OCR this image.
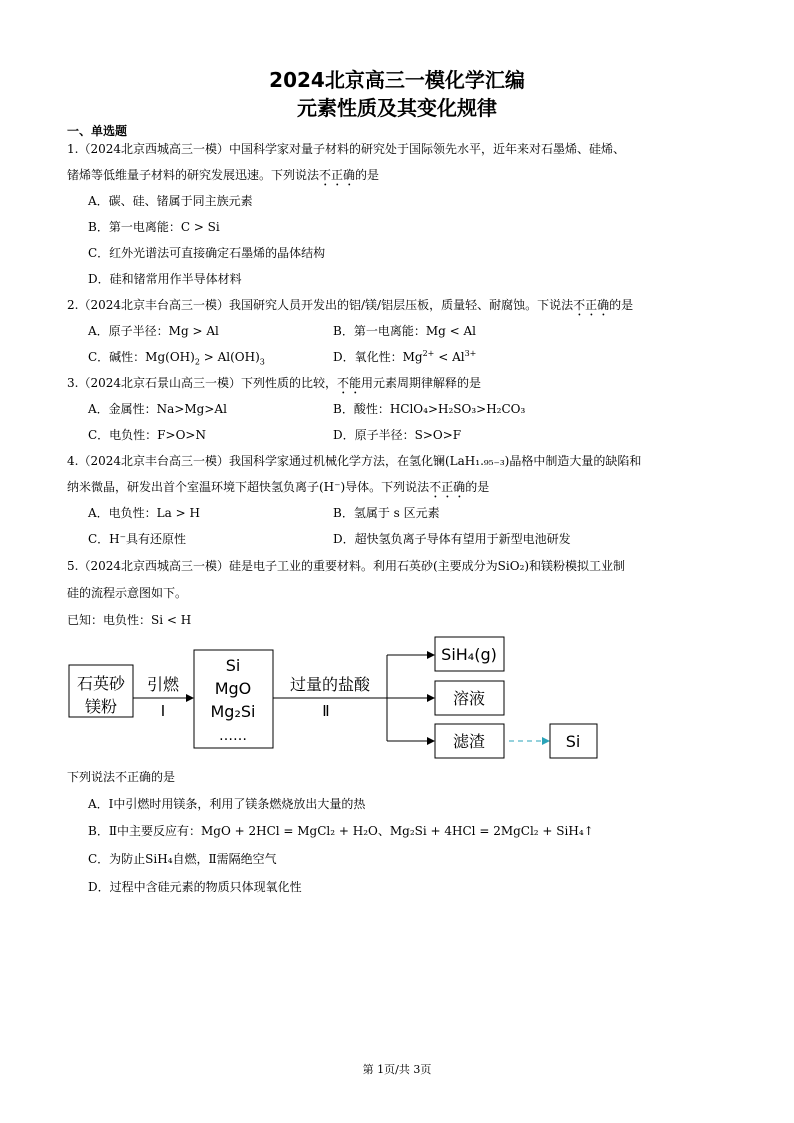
2024北京高三一模化学汇编
元素性质及其变化规律
一、单选题
1.（2024北京西城高三一模）中国科学家对量子材料的研究处于国际领先水平，近年来对石墨烯、硅烯、
锗烯等低维量子材料的研究发展迅速。下列说法不正确的是
A．碳、硅、锗属于同主族元素
B．第一电离能：C > Si
C．红外光谱法可直接确定石墨烯的晶体结构
D．硅和锗常用作半导体材料
2.（2024北京丰台高三一模）我国研究人员开发出的铝/镁/铝层压板，质量轻、耐腐蚀。下说法不正确的是
A．原子半径：Mg > Al	B．第一电离能：Mg < Al
C．碱性：$Mg(OH)_2 > Al(OH)_3$	D．氧化性：$Mg^{2+} < Al^{3+}$
3.（2024北京石景山高三一模）下列性质的比较，不能用元素周期律解释的是
A．金属性：Na>Mg>Al	B．酸性：HClO₄>H₂SO₃>H₂CO₃
C．电负性：F>O>N	D．原子半径：S>O>F
4.（2024北京丰台高三一模）我国科学家通过机械化学方法，在氢化镧(LaH₁.₉₅₋₃)晶格中制造大量的缺陷和
纳米微晶，研发出首个室温环境下超快氢负离子(H⁻)导体。下列说法不正确的是
A．电负性：La > H	B．氢属于 s 区元素
C．H⁻具有还原性	D．超快氢负离子导体有望用于新型电池研发
5.（2024北京西城高三一模）硅是电子工业的重要材料。利用石英砂(主要成分为SiO₂)和镁粉模拟工业制
硅的流程示意图如下。
已知：电负性：Si < H
石英砂
镁粉
引燃
Ⅰ
Si
MgO
Mg₂Si
……
过量的盐酸
Ⅱ
SiH₄(g)
溶液
滤渣	Si
下列说法不正确的是
A．Ⅰ中引燃时用镁条，利用了镁条燃烧放出大量的热
B．Ⅱ中主要反应有：MgO + 2HCl = MgCl₂ + H₂O、Mg₂Si + 4HCl = 2MgCl₂ + SiH₄↑
C．为防止SiH₄自燃，Ⅱ需隔绝空气
D．过程中含硅元素的物质只体现氧化性
第 1页/共 3页
